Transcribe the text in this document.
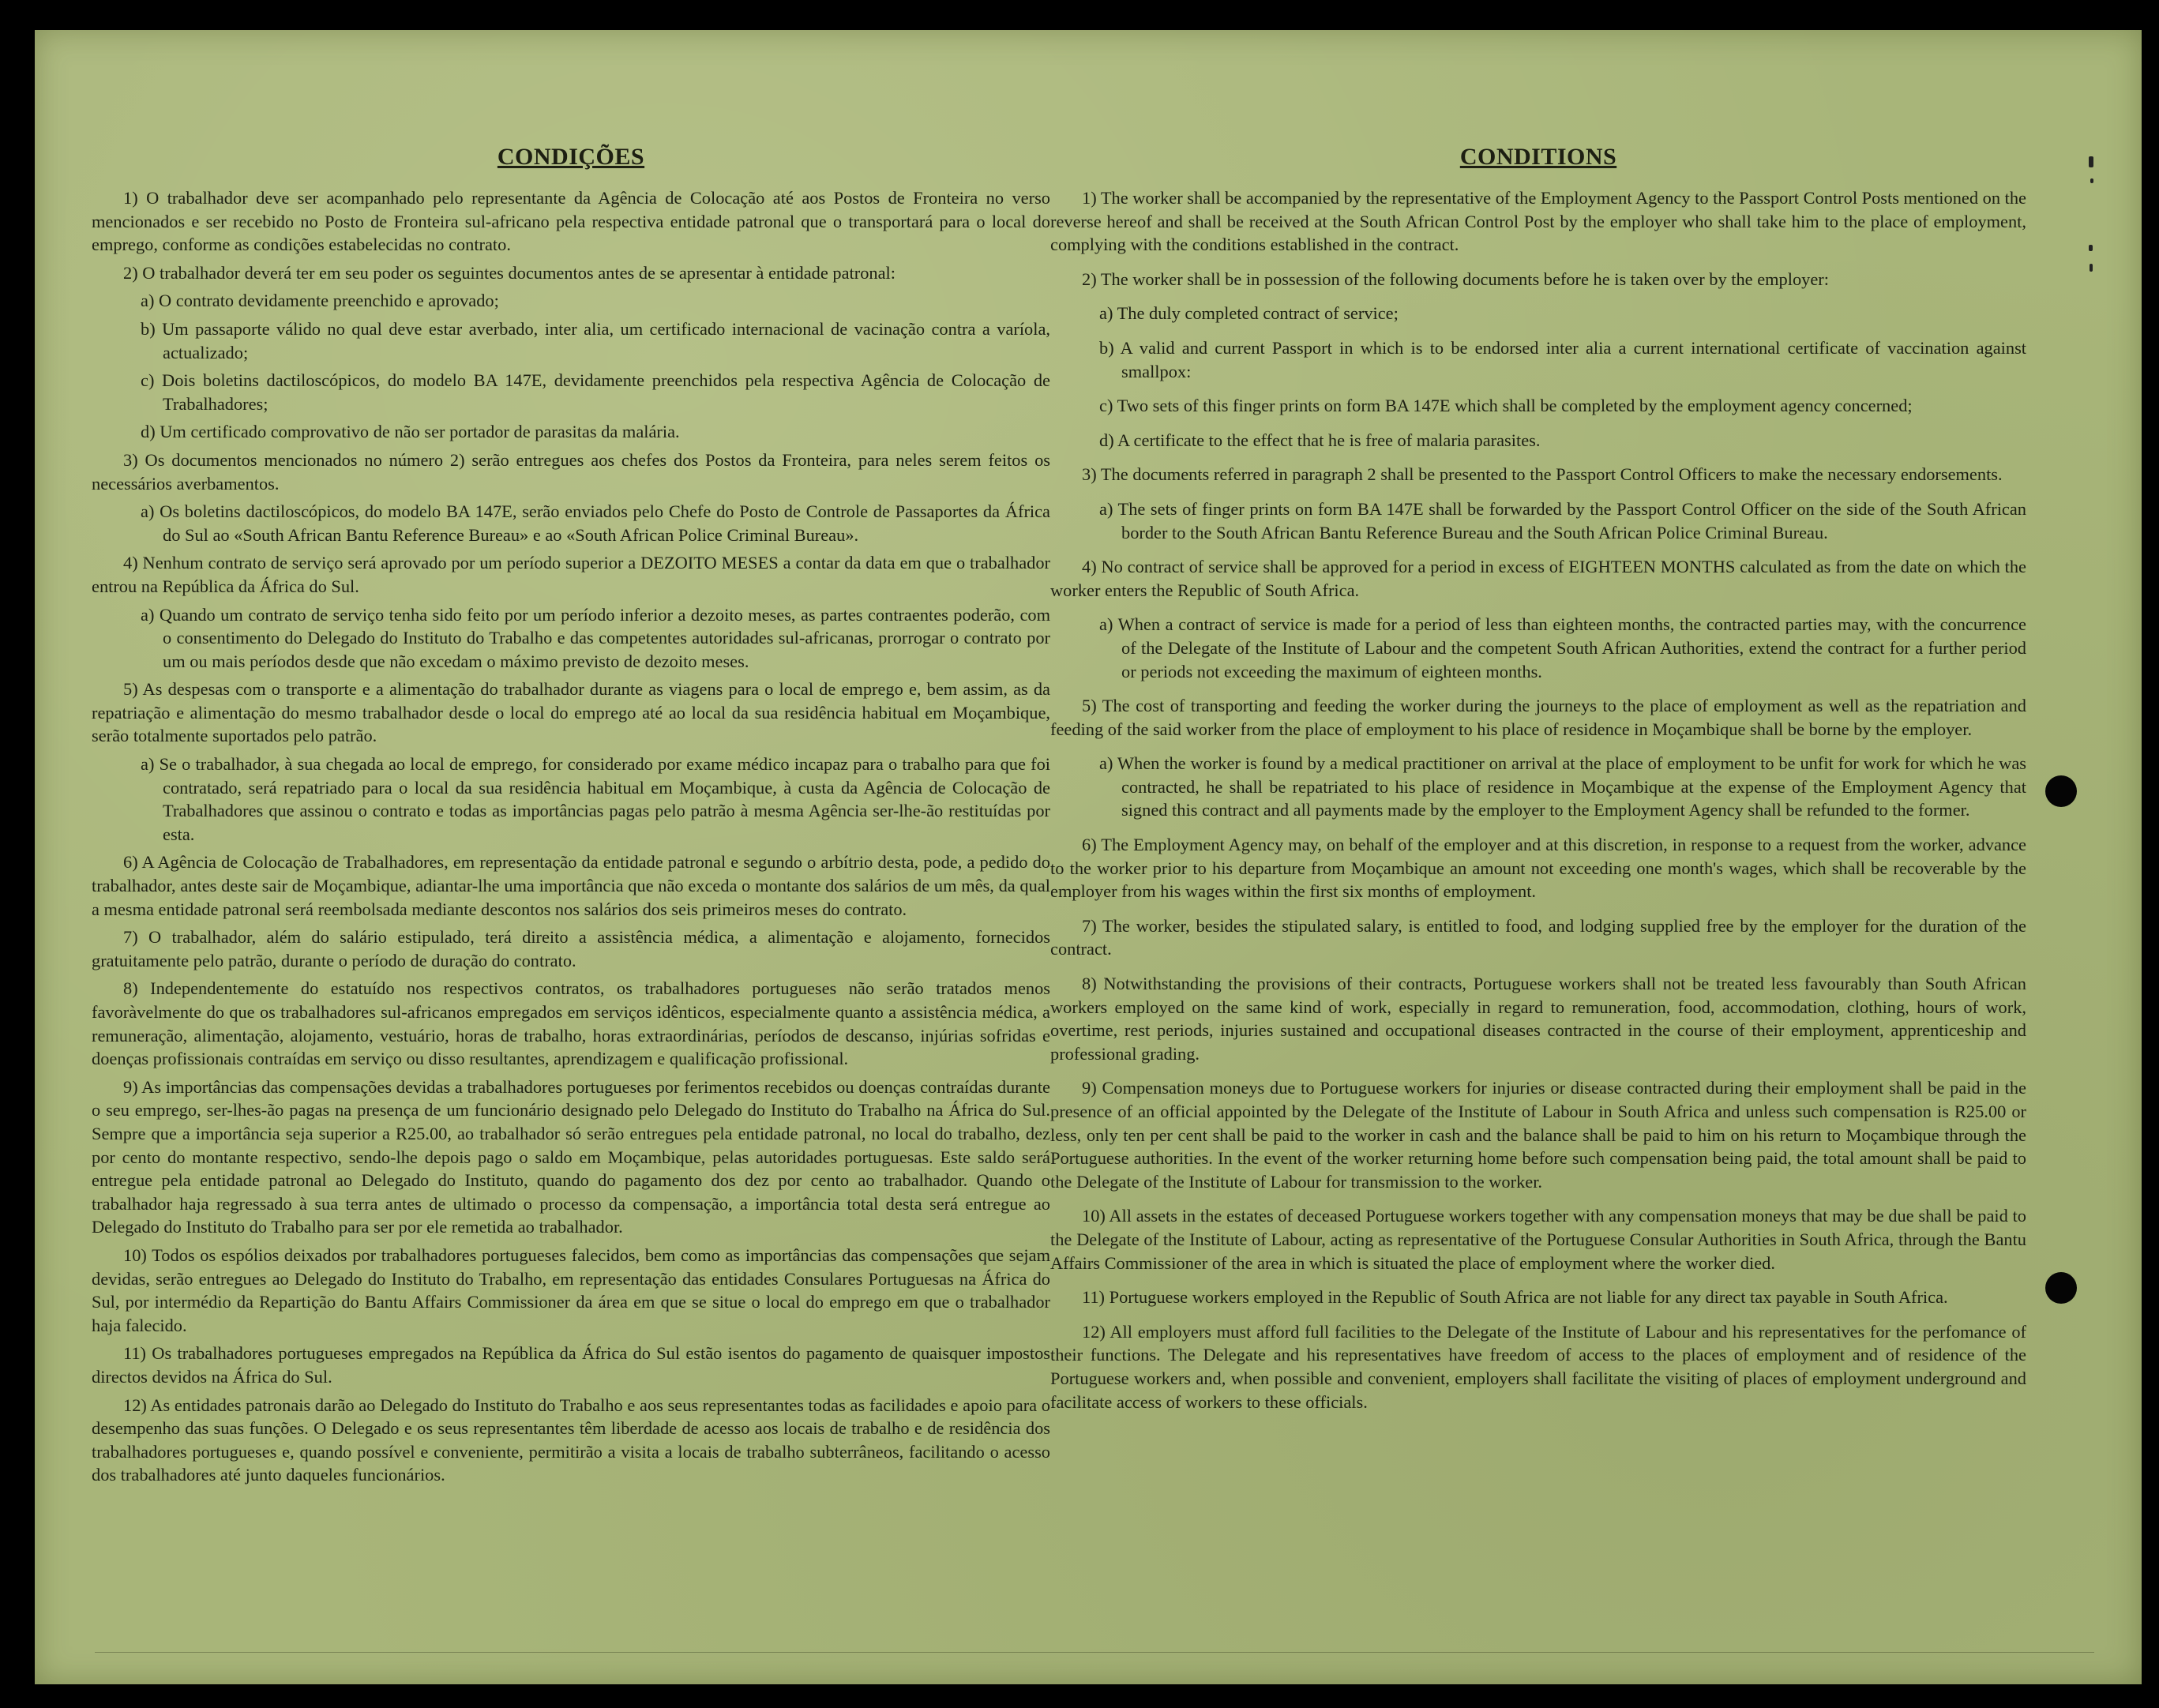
CONDIÇÕES

1) O trabalhador deve ser acompanhado pelo representante da Agência de Colocação até aos Postos de Fronteira no verso mencionados e ser recebido no Posto de Fronteira sul-africano pela respectiva entidade patronal que o transportará para o local do emprego, conforme as condições estabelecidas no contrato.

2) O trabalhador deverá ter em seu poder os seguintes documentos antes de se apresentar à entidade patronal:

a) O contrato devidamente preenchido e aprovado;

b) Um passaporte válido no qual deve estar averbado, inter alia, um certificado internacional de vacinação contra a varíola, actualizado;

c) Dois boletins dactiloscópicos, do modelo BA 147E, devidamente preenchidos pela respectiva Agência de Colocação de Trabalhadores;

d) Um certificado comprovativo de não ser portador de parasitas da malária.

3) Os documentos mencionados no número 2) serão entregues aos chefes dos Postos da Fronteira, para neles serem feitos os necessários averbamentos.

a) Os boletins dactiloscópicos, do modelo BA 147E, serão enviados pelo Chefe do Posto de Controle de Passaportes da África do Sul ao «South African Bantu Reference Bureau» e ao «South African Police Criminal Bureau».

4) Nenhum contrato de serviço será aprovado por um período superior a DEZOITO MESES a contar da data em que o trabalhador entrou na República da África do Sul.

a) Quando um contrato de serviço tenha sido feito por um período inferior a dezoito meses, as partes contraentes poderão, com o consentimento do Delegado do Instituto do Trabalho e das competentes autoridades sul-africanas, prorrogar o contrato por um ou mais períodos desde que não excedam o máximo previsto de dezoito meses.

5) As despesas com o transporte e a alimentação do trabalhador durante as viagens para o local de emprego e, bem assim, as da repatriação e alimentação do mesmo trabalhador desde o local do emprego até ao local da sua residência habitual em Moçambique, serão totalmente suportados pelo patrão.

a) Se o trabalhador, à sua chegada ao local de emprego, for considerado por exame médico incapaz para o trabalho para que foi contratado, será repatriado para o local da sua residência habitual em Moçambique, à custa da Agência de Colocação de Trabalhadores que assinou o contrato e todas as importâncias pagas pelo patrão à mesma Agência ser-lhe-ão restituídas por esta.

6) A Agência de Colocação de Trabalhadores, em representação da entidade patronal e segundo o arbítrio desta, pode, a pedido do trabalhador, antes deste sair de Moçambique, adiantar-lhe uma importância que não exceda o montante dos salários de um mês, da qual a mesma entidade patronal será reembolsada mediante descontos nos salários dos seis primeiros meses do contrato.

7) O trabalhador, além do salário estipulado, terá direito a assistência médica, a alimentação e alojamento, fornecidos gratuitamente pelo patrão, durante o período de duração do contrato.

8) Independentemente do estatuído nos respectivos contratos, os trabalhadores portugueses não serão tratados menos favoràvelmente do que os trabalhadores sul-africanos empregados em serviços idênticos, especialmente quanto a assistência médica, a remuneração, alimentação, alojamento, vestuário, horas de trabalho, horas extraordinárias, períodos de descanso, injúrias sofridas e doenças profissionais contraídas em serviço ou disso resultantes, aprendizagem e qualificação profissional.

9) As importâncias das compensações devidas a trabalhadores portugueses por ferimentos recebidos ou doenças contraídas durante o seu emprego, ser-lhes-ão pagas na presença de um funcionário designado pelo Delegado do Instituto do Trabalho na África do Sul. Sempre que a importância seja superior a R25.00, ao trabalhador só serão entregues pela entidade patronal, no local do trabalho, dez por cento do montante respectivo, sendo-lhe depois pago o saldo em Moçambique, pelas autoridades portuguesas. Este saldo será entregue pela entidade patronal ao Delegado do Instituto, quando do pagamento dos dez por cento ao trabalhador. Quando o trabalhador haja regressado à sua terra antes de ultimado o processo da compensação, a importância total desta será entregue ao Delegado do Instituto do Trabalho para ser por ele remetida ao trabalhador.

10) Todos os espólios deixados por trabalhadores portugueses falecidos, bem como as importâncias das compensações que sejam devidas, serão entregues ao Delegado do Instituto do Trabalho, em representação das entidades Consulares Portuguesas na África do Sul, por intermédio da Repartição do Bantu Affairs Commissioner da área em que se situe o local do emprego em que o trabalhador haja falecido.

11) Os trabalhadores portugueses empregados na República da África do Sul estão isentos do pagamento de quaisquer impostos directos devidos na África do Sul.

12) As entidades patronais darão ao Delegado do Instituto do Trabalho e aos seus representantes todas as facilidades e apoio para o desempenho das suas funções. O Delegado e os seus representantes têm liberdade de acesso aos locais de trabalho e de residência dos trabalhadores portugueses e, quando possível e conveniente, permitirão a visita a locais de trabalho subterrâneos, facilitando o acesso dos trabalhadores até junto daqueles funcionários.

CONDITIONS

1) The worker shall be accompanied by the representative of the Employment Agency to the Passport Control Posts mentioned on the reverse hereof and shall be received at the South African Control Post by the employer who shall take him to the place of employment, complying with the conditions established in the contract.

2) The worker shall be in possession of the following documents before he is taken over by the employer:

a) The duly completed contract of service;

b) A valid and current Passport in which is to be endorsed inter alia a current international certificate of vaccination against smallpox:

c) Two sets of this finger prints on form BA 147E which shall be completed by the employment agency concerned;

d) A certificate to the effect that he is free of malaria parasites.

3) The documents referred in paragraph 2 shall be presented to the Passport Control Officers to make the necessary endorsements.

a) The sets of finger prints on form BA 147E shall be forwarded by the Passport Control Officer on the side of the South African border to the South African Bantu Reference Bureau and the South African Police Criminal Bureau.

4) No contract of service shall be approved for a period in excess of EIGHTEEN MONTHS calculated as from the date on which the worker enters the Republic of South Africa.

a) When a contract of service is made for a period of less than eighteen months, the contracted parties may, with the concurrence of the Delegate of the Institute of Labour and the competent South African Authorities, extend the contract for a further period or periods not exceeding the maximum of eighteen months.

5) The cost of transporting and feeding the worker during the journeys to the place of employment as well as the repatriation and feeding of the said worker from the place of employment to his place of residence in Moçambique shall be borne by the employer.

a) When the worker is found by a medical practitioner on arrival at the place of employment to be unfit for work for which he was contracted, he shall be repatriated to his place of residence in Moçambique at the expense of the Employment Agency that signed this contract and all payments made by the employer to the Employment Agency shall be refunded to the former.

6) The Employment Agency may, on behalf of the employer and at this discretion, in response to a request from the worker, advance to the worker prior to his departure from Moçambique an amount not exceeding one month's wages, which shall be recoverable by the employer from his wages within the first six months of employment.

7) The worker, besides the stipulated salary, is entitled to food, and lodging supplied free by the employer for the duration of the contract.

8) Notwithstanding the provisions of their contracts, Portuguese workers shall not be treated less favourably than South African workers employed on the same kind of work, especially in regard to remuneration, food, accommodation, clothing, hours of work, overtime, rest periods, injuries sustained and occupational diseases contracted in the course of their employment, apprenticeship and professional grading.

9) Compensation moneys due to Portuguese workers for injuries or disease contracted during their employment shall be paid in the presence of an official appointed by the Delegate of the Institute of Labour in South Africa and unless such compensation is R25.00 or less, only ten per cent shall be paid to the worker in cash and the balance shall be paid to him on his return to Moçambique through the Portuguese authorities. In the event of the worker returning home before such compensation being paid, the total amount shall be paid to the Delegate of the Institute of Labour for transmission to the worker.

10) All assets in the estates of deceased Portuguese workers together with any compensation moneys that may be due shall be paid to the Delegate of the Institute of Labour, acting as representative of the Portuguese Consular Authorities in South Africa, through the Bantu Affairs Commissioner of the area in which is situated the place of employment where the worker died.

11) Portuguese workers employed in the Republic of South Africa are not liable for any direct tax payable in South Africa.

12) All employers must afford full facilities to the Delegate of the Institute of Labour and his representatives for the perfomance of their functions. The Delegate and his representatives have freedom of access to the places of employment and of residence of the Portuguese workers and, when possible and convenient, employers shall facilitate the visiting of places of employment underground and facilitate access of workers to these officials.
